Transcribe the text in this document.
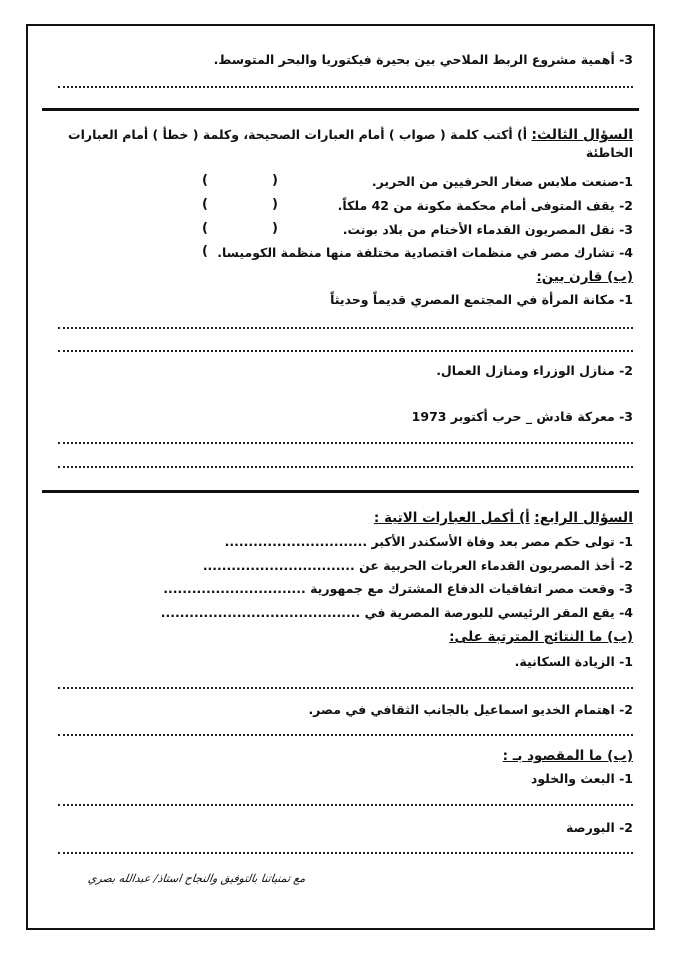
3- أهمية مشروع الربط الملاحي بين بحيرة فيكتوريا والبحر المتوسط.
السؤال الثالث: أ) أكتب كلمة ( صواب ) أمام العبارات الصحيحة، وكلمة ( خطأ ) أمام العبارات الخاطئة
1-صنعت ملابس صغار الحرفيين من الحرير.
2- يقف المتوفى أمام محكمة مكونة من 42 ملكاً.
3- نقل المصريون القدماء الأختام من بلاد بونت.
4- تشارك مصر في منظمات اقتصادية مختلفة منها منظمة الكوميسا.
(
)
(
)
(
)
)
(ب) قارن بين:
1- مكانة المرأة في المجتمع المصري قديماً وحديثاً
2- منازل الوزراء ومنازل العمال.
3- معركة قادش _ حرب أكتوبر 1973
السؤال الرابع: أ) أكمل العبارات الاتية :
1- تولى حكم مصر بعد وفاة الأسكندر الأكبر ..............................
2- أخذ المصريون القدماء العربات الحربية عن ................................
3- وقعت مصر اتفاقيات الدفاع المشترك مع جمهورية ..............................
4- يقع المقر الرئيسي للبورصة المصرية في ..........................................
(ب) ما النتائج المترتبة على:
1- الزيادة السكانية.
2- اهتمام الخديو اسماعيل بالجانب الثقافي في مصر.
(ب) ما المقصود بـ :
1- البعث والخلود
2- البورصة
مع تمنياتنا بالتوفيق والنجاح استاذ/ عبدالله بصري
